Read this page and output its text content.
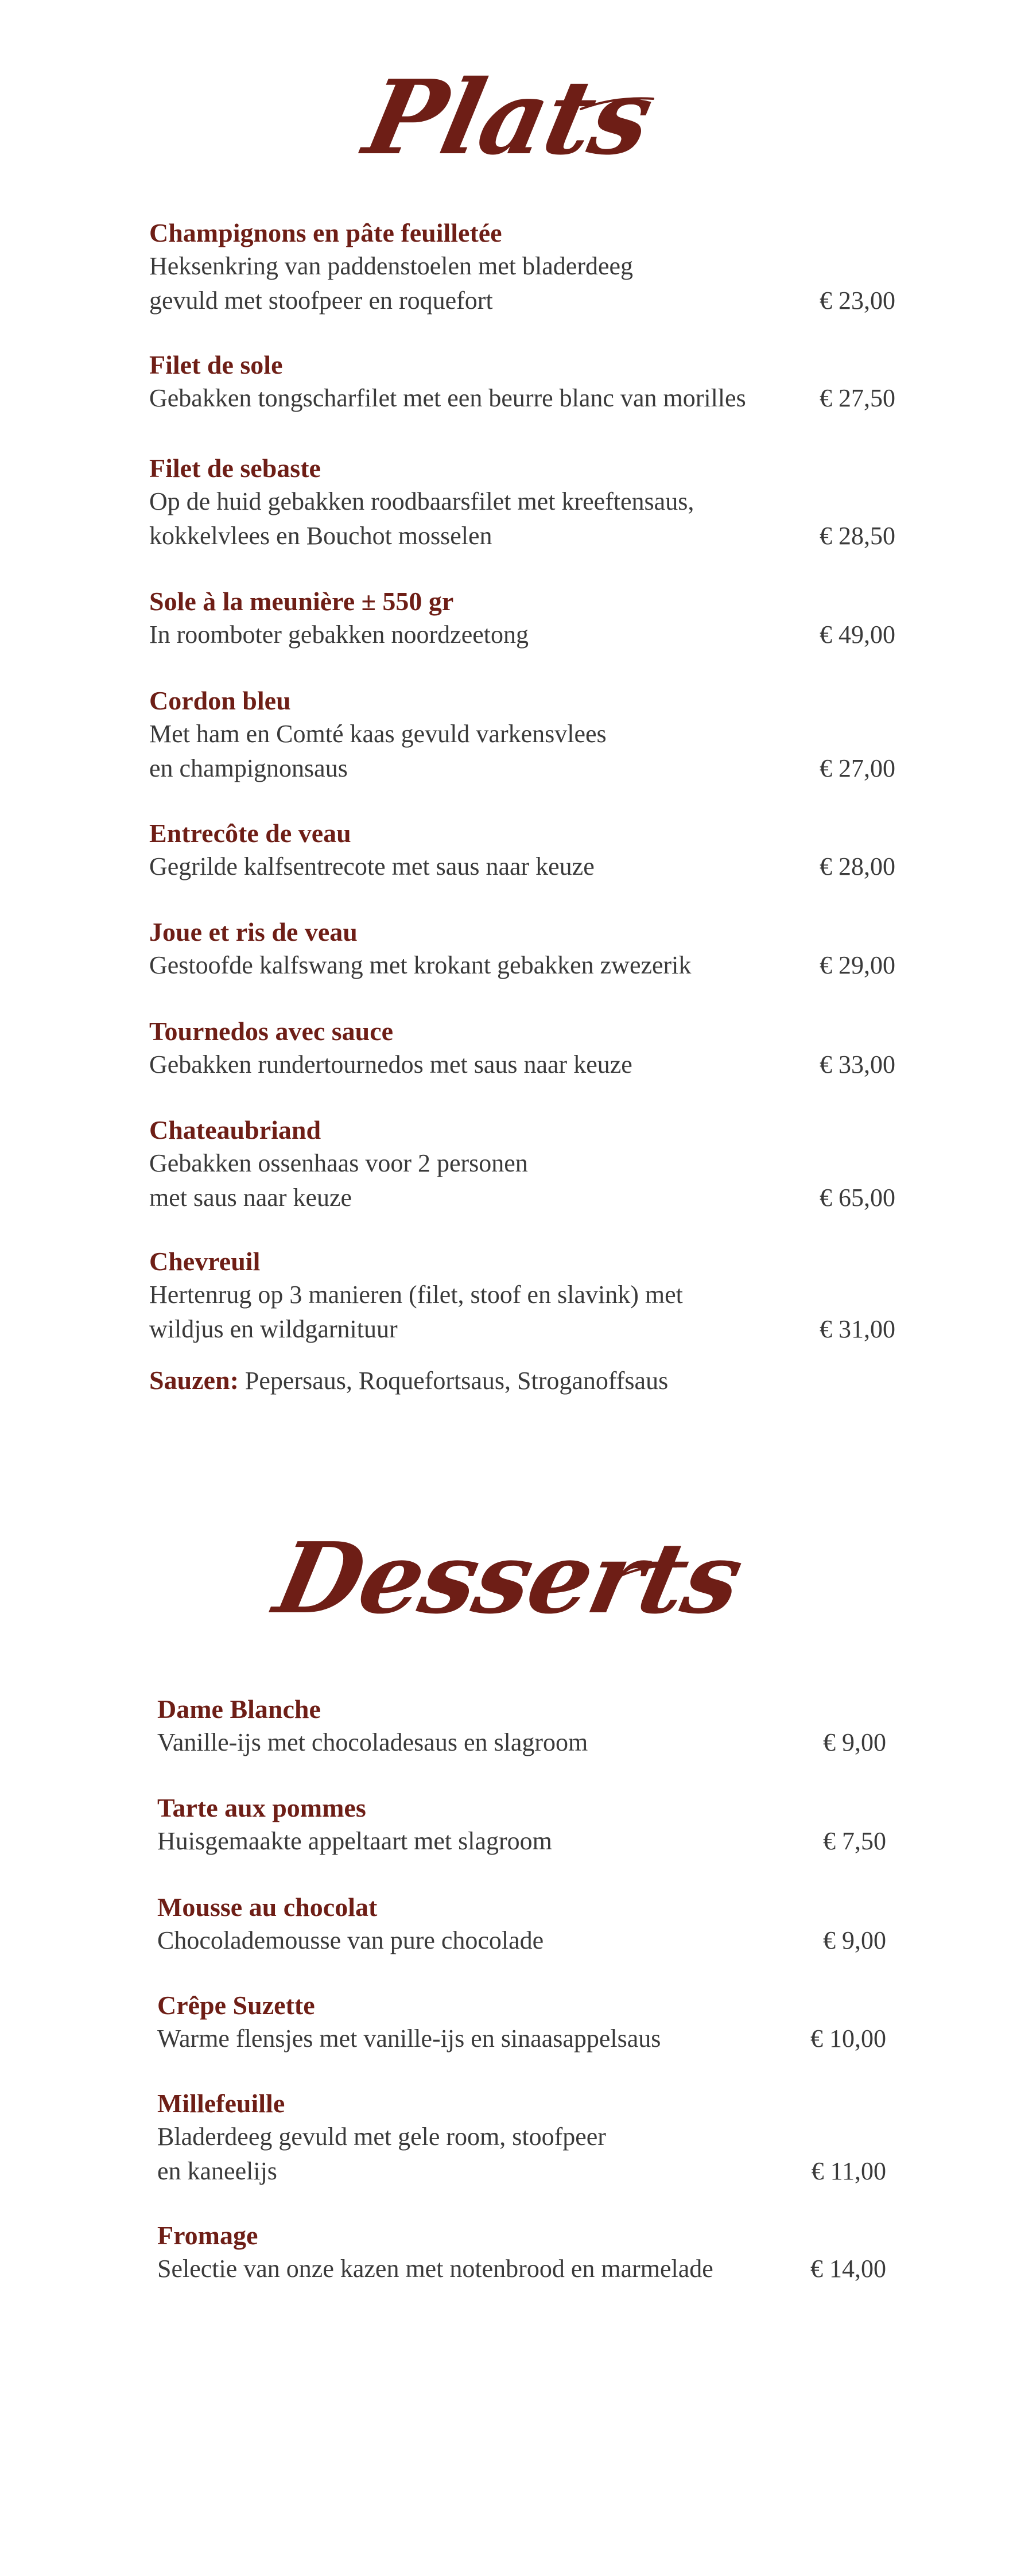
Plats
Champignons en pâte feuilletée
Heksenkring van paddenstoelen met bladerdeeg
gevuld met stoofpeer en roquefort	€ 23,00
Filet de sole
Gebakken tongscharfilet met een beurre blanc van morilles	€ 27,50
Filet de sebaste
Op de huid gebakken roodbaarsfilet met kreeftensaus,
kokkelvlees en Bouchot mosselen	€ 28,50
Sole à la meunière ± 550 gr
In roomboter gebakken noordzeetong	€ 49,00
Cordon bleu
Met ham en Comté kaas gevuld varkensvlees
en champignonsaus	€ 27,00
Entrecôte de veau
Gegrilde kalfsentrecote met saus naar keuze	€ 28,00
Joue et ris de veau
Gestoofde kalfswang met krokant gebakken zwezerik	€ 29,00
Tournedos avec sauce
Gebakken rundertournedos met saus naar keuze	€ 33,00
Chateaubriand
Gebakken ossenhaas voor 2 personen
met saus naar keuze	€ 65,00
Chevreuil
Hertenrug op 3 manieren (filet, stoof en slavink) met
wildjus en wildgarnituur	€ 31,00
Sauzen: Pepersaus, Roquefortsaus, Stroganoffsaus
Desserts
Dame Blanche
Vanille-ijs met chocoladesaus en slagroom	€ 9,00
Tarte aux pommes
Huisgemaakte appeltaart met slagroom	€ 7,50
Mousse au chocolat
Chocolademousse van pure chocolade	€ 9,00
Crêpe Suzette
Warme flensjes met vanille-ijs en sinaasappelsaus	€ 10,00
Millefeuille
Bladerdeeg gevuld met gele room, stoofpeer
en kaneelijs	€ 11,00
Fromage
Selectie van onze kazen met notenbrood en marmelade	€ 14,00
